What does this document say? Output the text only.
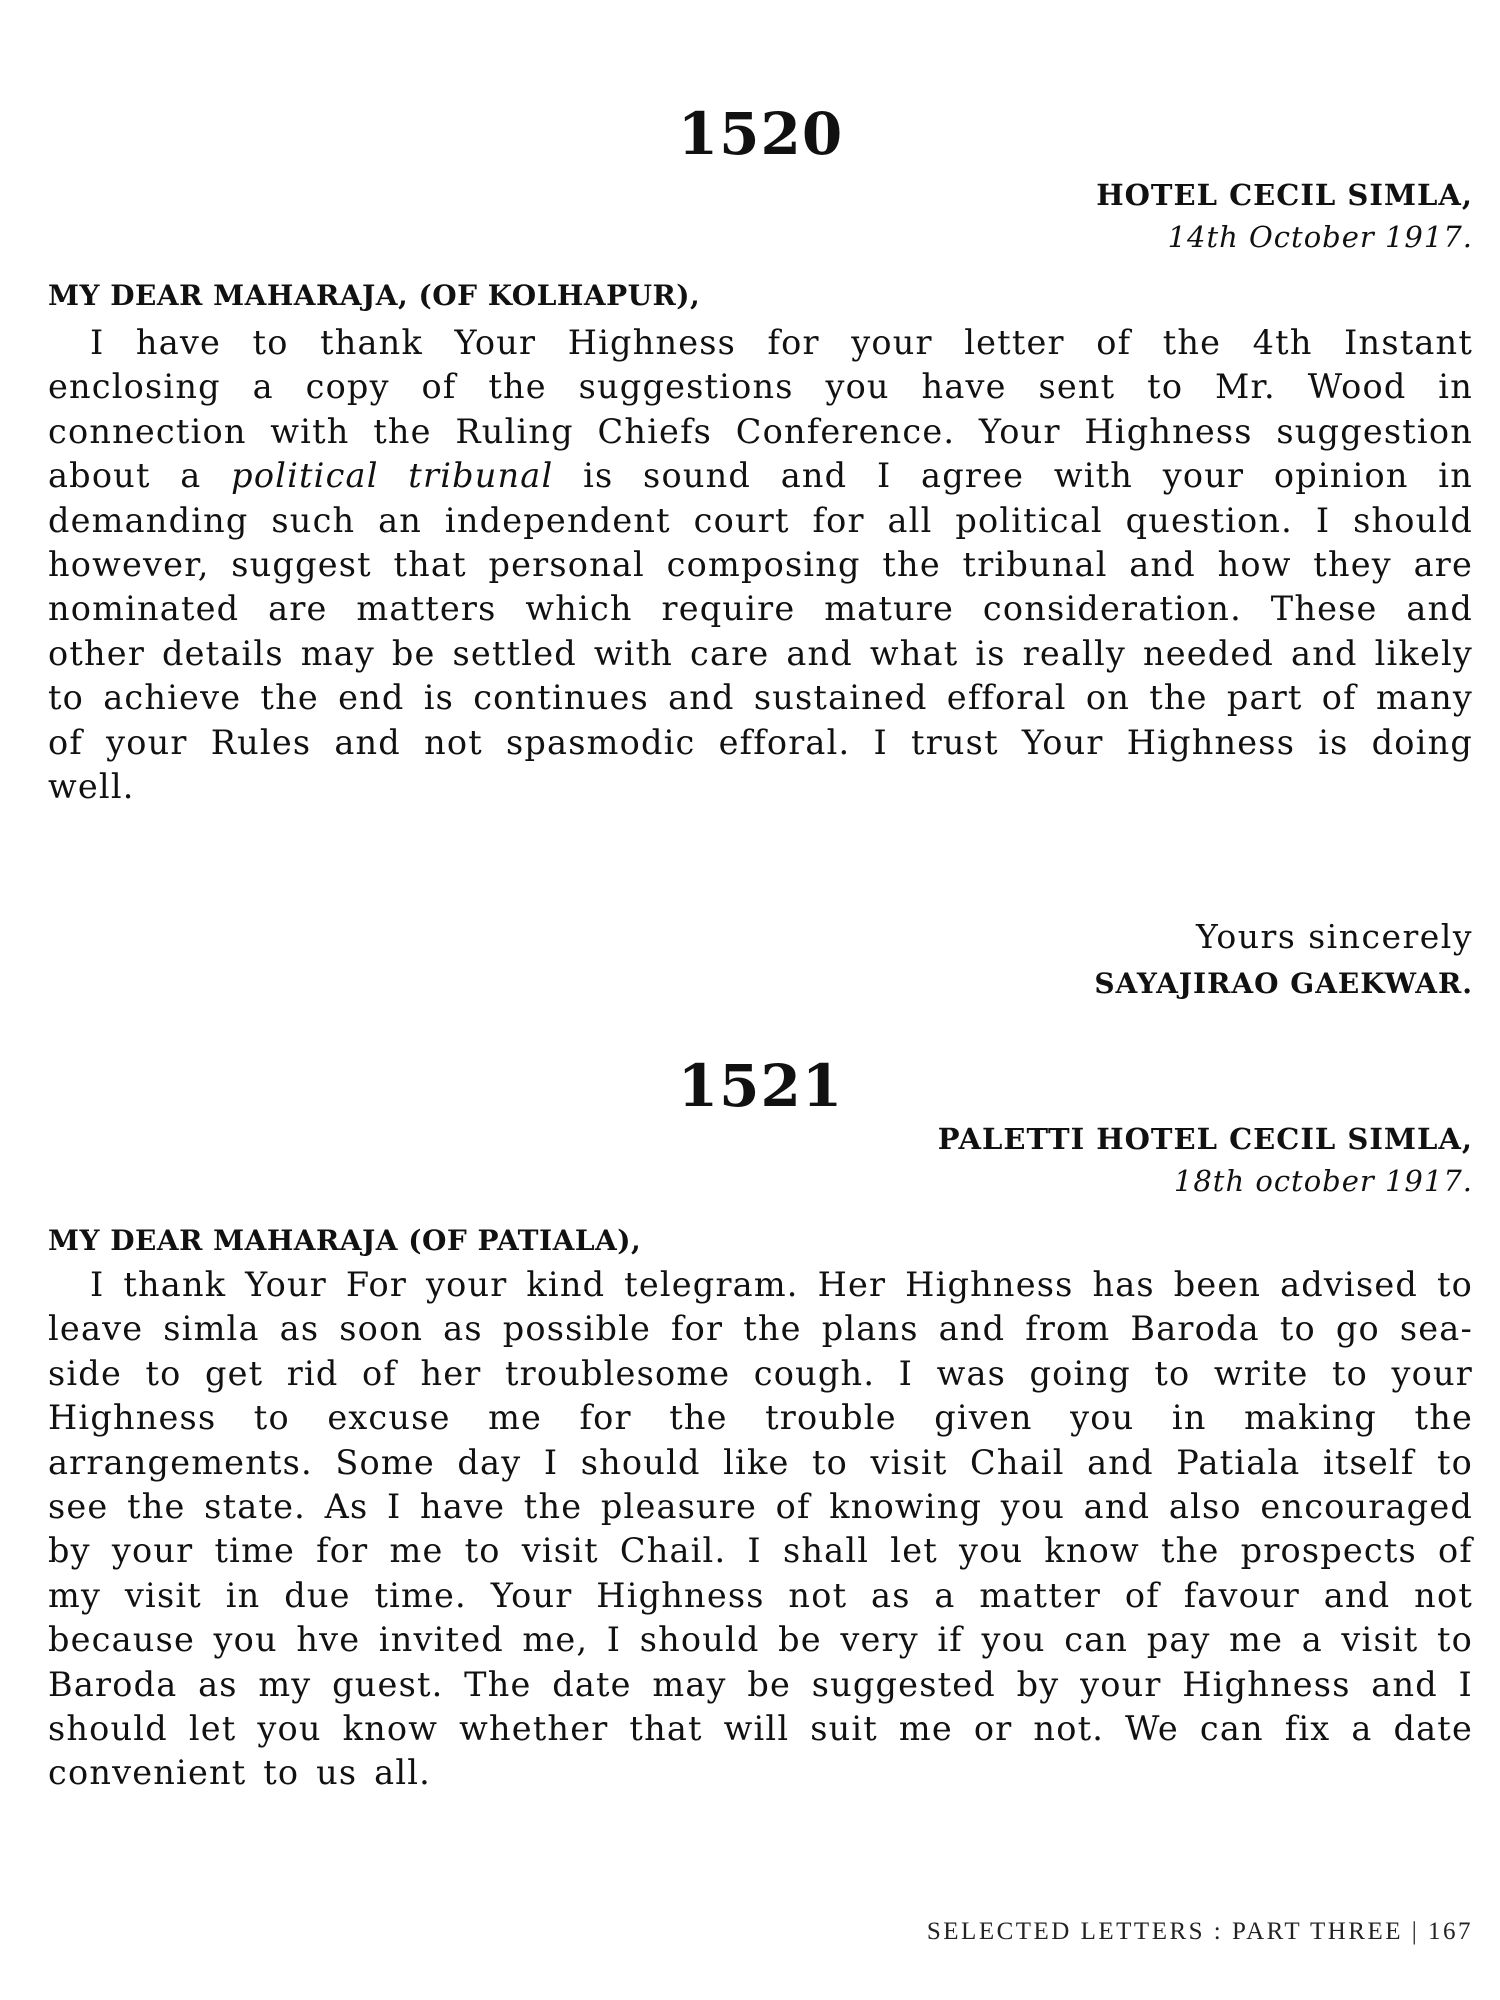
1520
HOTEL CECIL SIMLA,
14th October 1917.
MY DEAR MAHARAJA, (OF KOLHAPUR),

I have to thank Your Highness for your letter of the 4th Instant enclosing a copy of the suggestions you have sent to Mr. Wood in connection with the Ruling Chiefs Conference. Your Highness suggestion about a political tribunal is sound and I agree with your opinion in demanding such an independent court for all political question. I should however, suggest that personal composing the tribunal and how they are nominated are matters which require mature consideration. These and other details may be settled with care and what is really needed and likely to achieve the end is continues and sustained efforal on the part of many of your Rules and not spasmodic efforal. I trust Your Highness is doing well.

Yours sincerely
SAYAJIRAO GAEKWAR.
1521
PALETTI HOTEL CECIL SIMLA,
18th october 1917.
MY DEAR MAHARAJA (OF PATIALA),

I thank Your For your kind telegram. Her Highness has been advised to leave simla as soon as possible for the plans and from Baroda to go sea-side to get rid of her troublesome cough. I was going to write to your Highness to excuse me for the trouble given you in making the arrangements. Some day I should like to visit Chail and Patiala itself to see the state. As I have the pleasure of knowing you and also encouraged by your time for me to visit Chail. I shall let you know the prospects of my visit in due time. Your Highness not as a matter of favour and not because you hve invited me, I should be very if you can pay me a visit to Baroda as my guest. The date may be suggested by your Highness and I should let you know whether that will suit me or not. We can fix a date convenient to us all.

SELECTED LETTERS : PART THREE | 167
